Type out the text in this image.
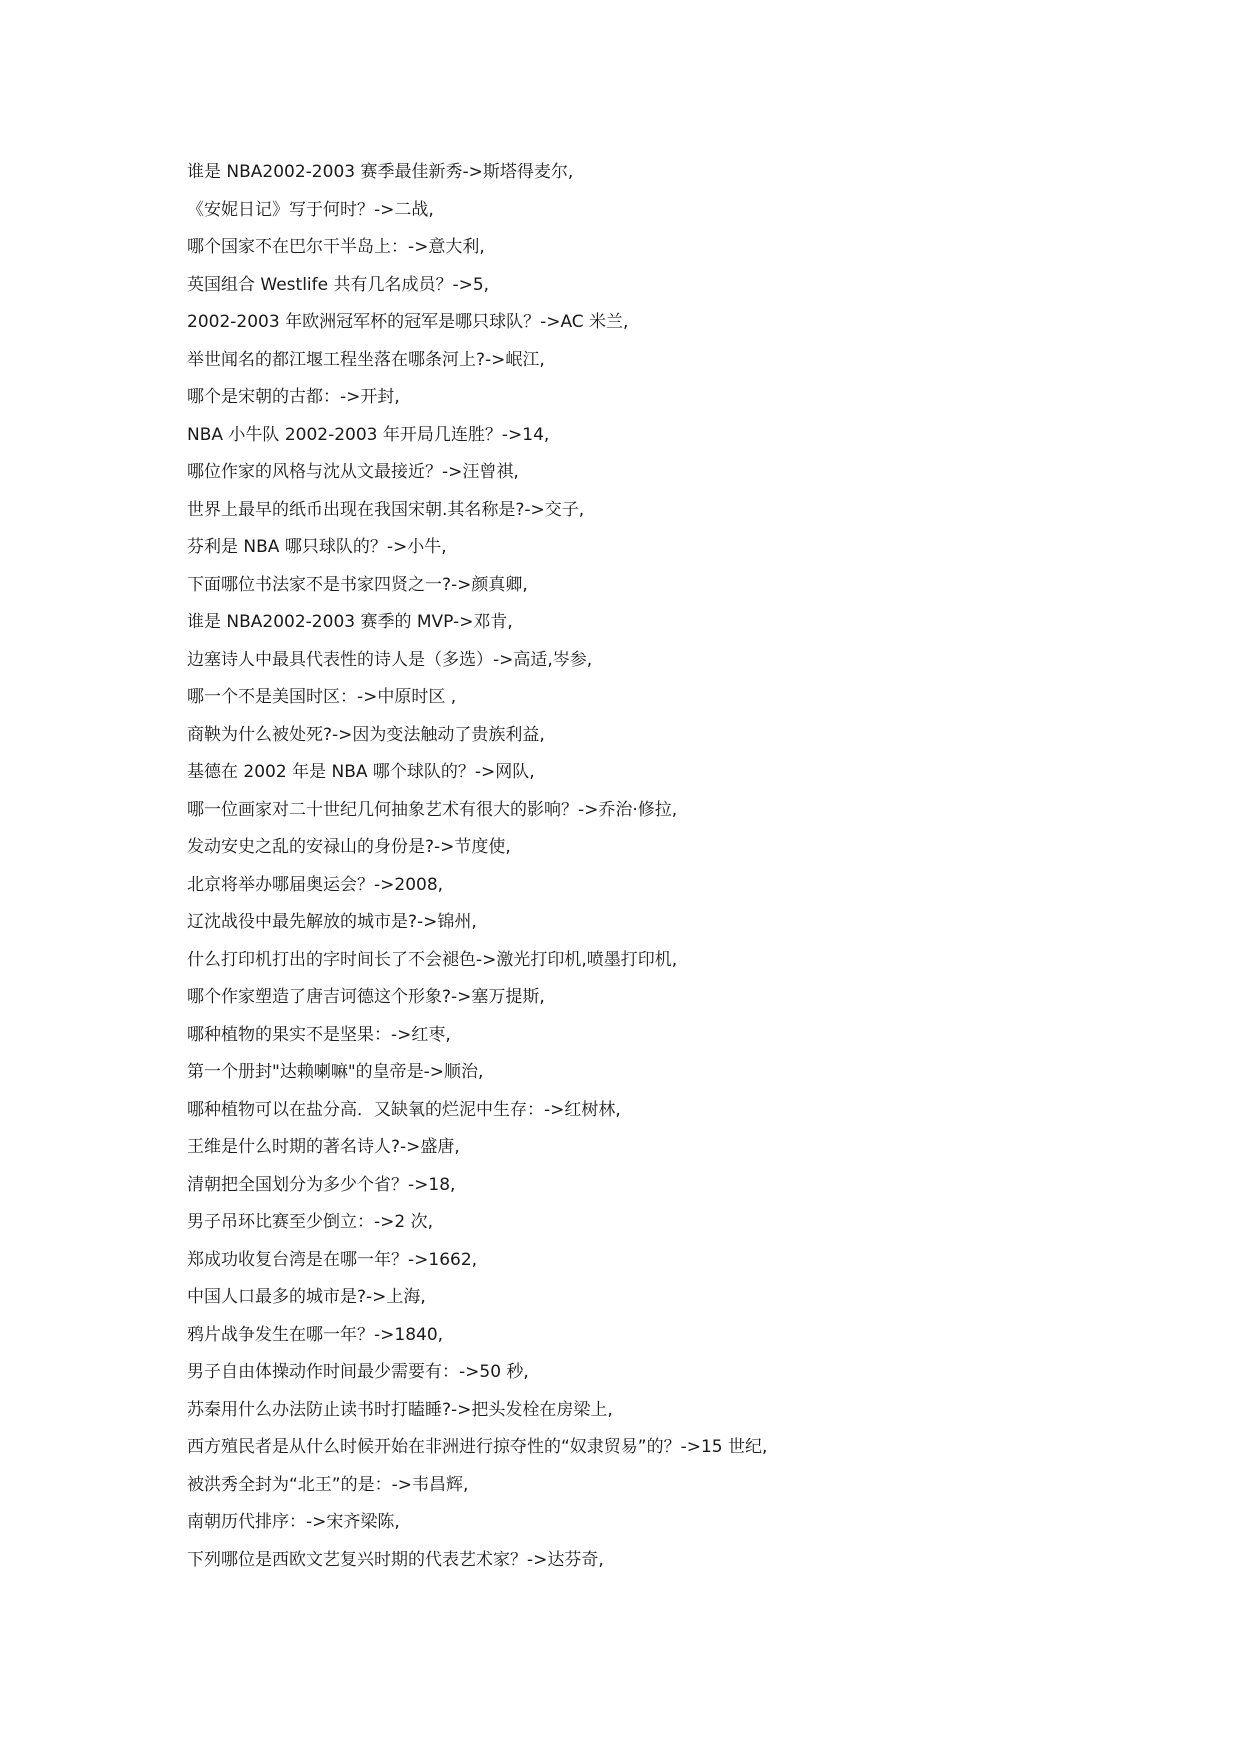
谁是 NBA2002-2003 赛季最佳新秀->斯塔得麦尔,
《安妮日记》写于何时？->二战,
哪个国家不在巴尔干半岛上：->意大利,
英国组合 Westlife 共有几名成员？->5,
2002-2003 年欧洲冠军杯的冠军是哪只球队？->AC 米兰,
举世闻名的都江堰工程坐落在哪条河上?->岷江,
哪个是宋朝的古都：->开封,
NBA 小牛队 2002-2003 年开局几连胜？->14,
哪位作家的风格与沈从文最接近？->汪曾祺,
世界上最早的纸币出现在我国宋朝.其名称是?->交子,
芬利是 NBA 哪只球队的？->小牛,
下面哪位书法家不是书家四贤之一?->颜真卿,
谁是 NBA2002-2003 赛季的 MVP->邓肯,
边塞诗人中最具代表性的诗人是（多选）->高适,岑参,
哪一个不是美国时区：->中原时区 ,
商鞅为什么被处死?->因为变法触动了贵族利益,
基德在 2002 年是 NBA 哪个球队的？->网队,
哪一位画家对二十世纪几何抽象艺术有很大的影响？->乔治·修拉,
发动安史之乱的安禄山的身份是?->节度使,
北京将举办哪届奥运会？->2008,
辽沈战役中最先解放的城市是?->锦州,
什么打印机打出的字时间长了不会褪色->激光打印机,喷墨打印机,
哪个作家塑造了唐吉诃德这个形象?->塞万提斯,
哪种植物的果实不是坚果：->红枣,
第一个册封"达赖喇嘛"的皇帝是->顺治,
哪种植物可以在盐分高．又缺氧的烂泥中生存：->红树林,
王维是什么时期的著名诗人?->盛唐,
清朝把全国划分为多少个省？->18,
男子吊环比赛至少倒立：->2 次,
郑成功收复台湾是在哪一年？->1662,
中国人口最多的城市是?->上海,
鸦片战争发生在哪一年？->1840,
男子自由体操动作时间最少需要有：->50 秒,
苏秦用什么办法防止读书时打瞌睡?->把头发栓在房梁上,
西方殖民者是从什么时候开始在非洲进行掠夺性的“奴隶贸易”的？->15 世纪,
被洪秀全封为“北王”的是：->韦昌辉,
南朝历代排序：->宋齐梁陈,
下列哪位是西欧文艺复兴时期的代表艺术家？->达芬奇,
